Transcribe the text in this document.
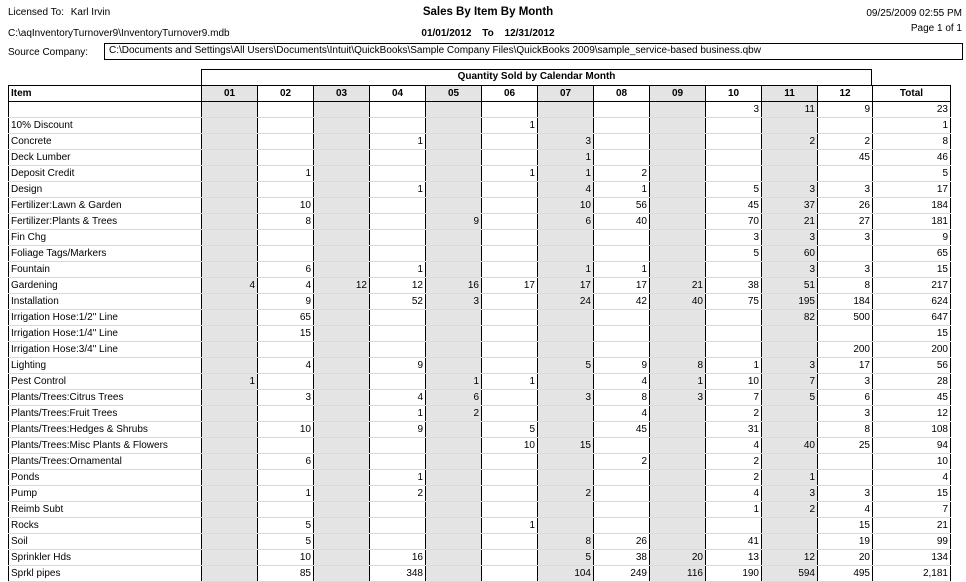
Licensed To: Karl Irvin
C:\aqInventoryTurnover9\InventoryTurnover9.mdb
Source Company:	C:\Documents and Settings\All Users\Documents\Intuit\QuickBooks\Sample Company Files\QuickBooks 2009\sample_service-based business.qbw
Sales By Item By Month
01/01/2012 To 12/31/2012
09/25/2009 02:55 PM
Page 1 of 1
Quantity Sold by Calendar Month
Item	01	02	03	04	05	06	07	08	09	10	11	12	Total
										3	11	9	23
10% Discount						1							1
Concrete				1			3				2	2	8
Deck Lumber							1					45	46
Deposit Credit		1				1	1	2					5
Design				1			4	1		5	3	3	17
Fertilizer:Lawn & Garden		10					10	56		45	37	26	184
Fertilizer:Plants & Trees		8			9		6	40		70	21	27	181
Fin Chg										3	3	3	9
Foliage Tags/Markers										5	60		65
Fountain		6		1			1	1			3	3	15
Gardening	4	4	12	12	16	17	17	17	21	38	51	8	217
Installation		9		52	3		24	42	40	75	195	184	624
Irrigation Hose:1/2" Line		65									82	500	647
Irrigation Hose:1/4" Line		15											15
Irrigation Hose:3/4" Line												200	200
Lighting		4		9			5	9	8	1	3	17	56
Pest Control	1				1	1		4	1	10	7	3	28
Plants/Trees:Citrus Trees		3		4	6		3	8	3	7	5	6	45
Plants/Trees:Fruit Trees				1	2			4		2		3	12
Plants/Trees:Hedges & Shrubs		10		9		5		45		31		8	108
Plants/Trees:Misc Plants & Flowers						10	15			4	40	25	94
Plants/Trees:Ornamental		6						2		2			10
Ponds				1						2	1		4
Pump		1		2			2			4	3	3	15
Reimb Subt										1	2	4	7
Rocks		5				1						15	21
Soil		5					8	26		41		19	99
Sprinkler Hds		10		16			5	38	20	13	12	20	134
Sprkl pipes		85		348			104	249	116	190	594	495	2,181
